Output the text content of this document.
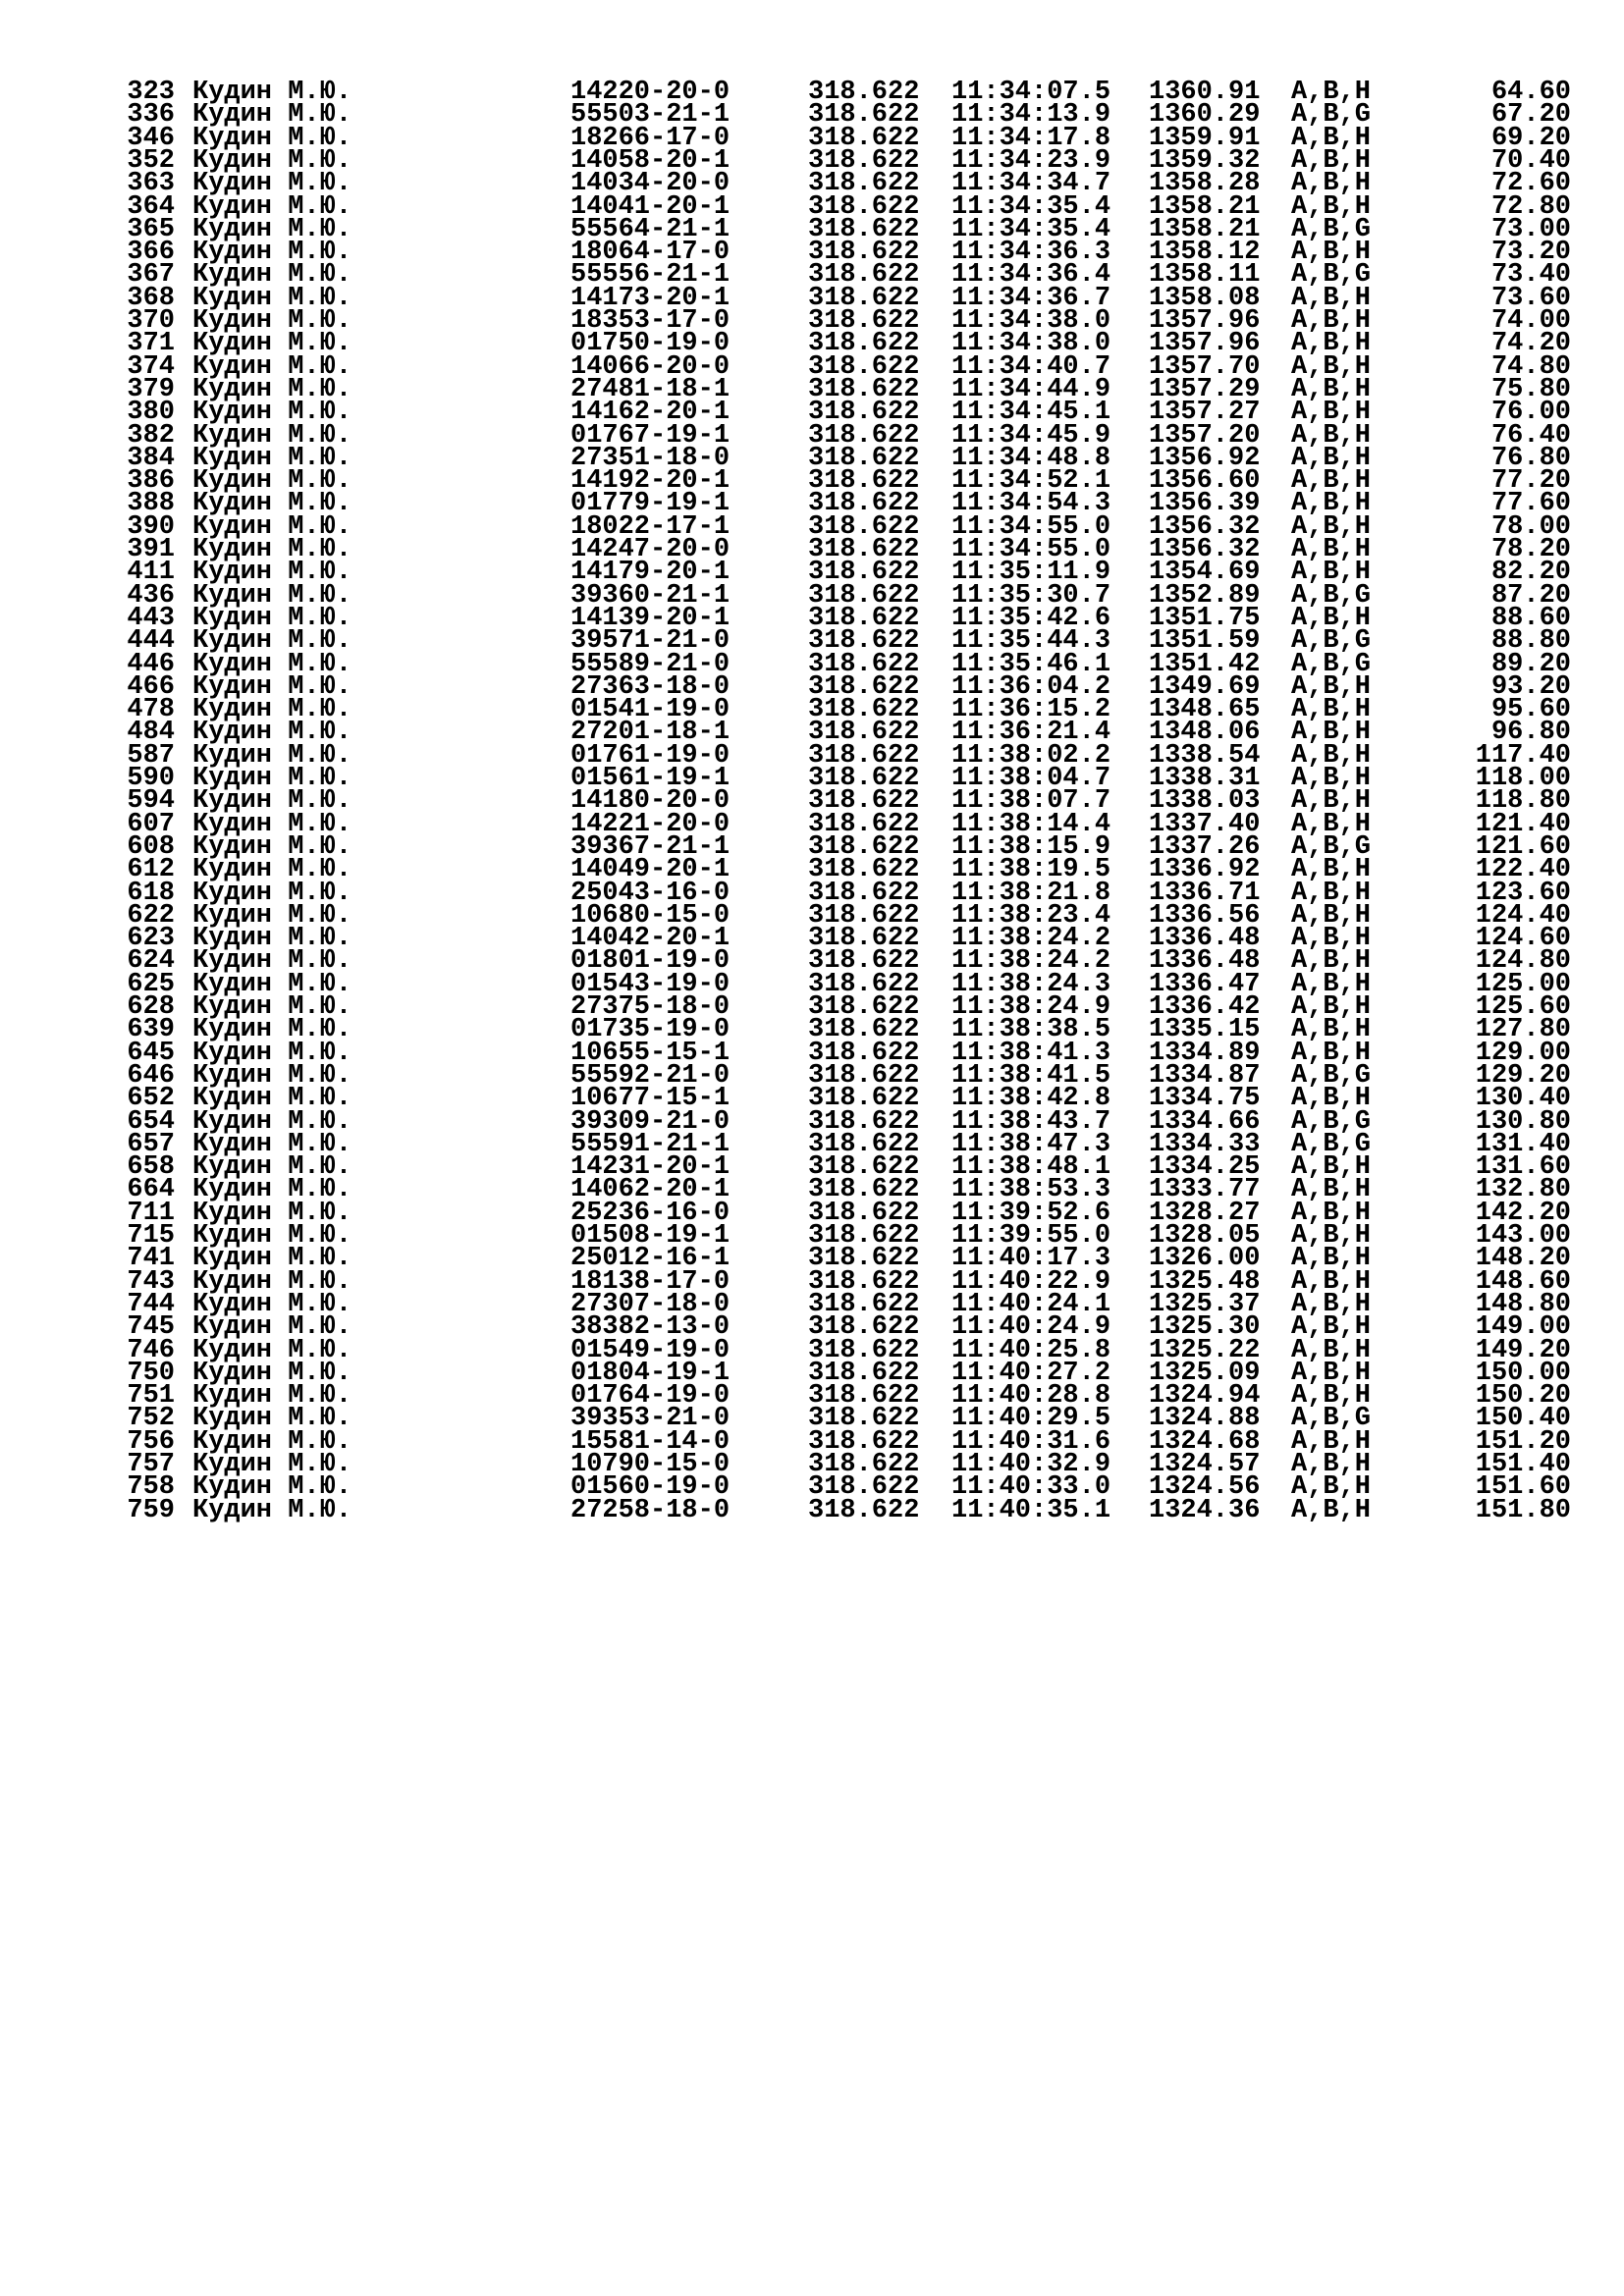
323 Кудин М.Ю.	14220-20-0	318.622 11:34:07.5 1360.91 A,B,H	64.60
336 Кудин М.Ю.	55503-21-1	318.622 11:34:13.9 1360.29 A,B,G	67.20
346 Кудин М.Ю.	18266-17-0	318.622 11:34:17.8 1359.91 A,B,H	69.20
352 Кудин М.Ю.	14058-20-1	318.622 11:34:23.9 1359.32 A,B,H	70.40
363 Кудин М.Ю.	14034-20-0	318.622 11:34:34.7 1358.28 A,B,H	72.60
364 Кудин М.Ю.	14041-20-1	318.622 11:34:35.4 1358.21 A,B,H	72.80
365 Кудин М.Ю.	55564-21-1	318.622 11:34:35.4 1358.21 A,B,G	73.00
366 Кудин М.Ю.	18064-17-0	318.622 11:34:36.3 1358.12 A,B,H	73.20
367 Кудин М.Ю.	55556-21-1	318.622 11:34:36.4 1358.11 A,B,G	73.40
368 Кудин М.Ю.	14173-20-1	318.622 11:34:36.7 1358.08 A,B,H	73.60
370 Кудин М.Ю.	18353-17-0	318.622 11:34:38.0 1357.96 A,B,H	74.00
371 Кудин М.Ю.	01750-19-0	318.622 11:34:38.0 1357.96 A,B,H	74.20
374 Кудин М.Ю.	14066-20-0	318.622 11:34:40.7 1357.70 A,B,H	74.80
379 Кудин М.Ю.	27481-18-1	318.622 11:34:44.9 1357.29 A,B,H	75.80
380 Кудин М.Ю.	14162-20-1	318.622 11:34:45.1 1357.27 A,B,H	76.00
382 Кудин М.Ю.	01767-19-1	318.622 11:34:45.9 1357.20 A,B,H	76.40
384 Кудин М.Ю.	27351-18-0	318.622 11:34:48.8 1356.92 A,B,H	76.80
386 Кудин М.Ю.	14192-20-1	318.622 11:34:52.1 1356.60 A,B,H	77.20
388 Кудин М.Ю.	01779-19-1	318.622 11:34:54.3 1356.39 A,B,H	77.60
390 Кудин М.Ю.	18022-17-1	318.622 11:34:55.0 1356.32 A,B,H	78.00
391 Кудин М.Ю.	14247-20-0	318.622 11:34:55.0 1356.32 A,B,H	78.20
411 Кудин М.Ю.	14179-20-1	318.622 11:35:11.9 1354.69 A,B,H	82.20
436 Кудин М.Ю.	39360-21-1	318.622 11:35:30.7 1352.89 A,B,G	87.20
443 Кудин М.Ю.	14139-20-1	318.622 11:35:42.6 1351.75 A,B,H	88.60
444 Кудин М.Ю.	39571-21-0	318.622 11:35:44.3 1351.59 A,B,G	88.80
446 Кудин М.Ю.	55589-21-0	318.622 11:35:46.1 1351.42 A,B,G	89.20
466 Кудин М.Ю.	27363-18-0	318.622 11:36:04.2 1349.69 A,B,H	93.20
478 Кудин М.Ю.	01541-19-0	318.622 11:36:15.2 1348.65 A,B,H	95.60
484 Кудин М.Ю.	27201-18-1	318.622 11:36:21.4 1348.06 A,B,H	96.80
587 Кудин М.Ю.	01761-19-0	318.622 11:38:02.2 1338.54 A,B,H	117.40
590 Кудин М.Ю.	01561-19-1	318.622 11:38:04.7 1338.31 A,B,H	118.00
594 Кудин М.Ю.	14180-20-0	318.622 11:38:07.7 1338.03 A,B,H	118.80
607 Кудин М.Ю.	14221-20-0	318.622 11:38:14.4 1337.40 A,B,H	121.40
608 Кудин М.Ю.	39367-21-1	318.622 11:38:15.9 1337.26 A,B,G	121.60
612 Кудин М.Ю.	14049-20-1	318.622 11:38:19.5 1336.92 A,B,H	122.40
618 Кудин М.Ю.	25043-16-0	318.622 11:38:21.8 1336.71 A,B,H	123.60
622 Кудин М.Ю.	10680-15-0	318.622 11:38:23.4 1336.56 A,B,H	124.40
623 Кудин М.Ю.	14042-20-1	318.622 11:38:24.2 1336.48 A,B,H	124.60
624 Кудин М.Ю.	01801-19-0	318.622 11:38:24.2 1336.48 A,B,H	124.80
625 Кудин М.Ю.	01543-19-0	318.622 11:38:24.3 1336.47 A,B,H	125.00
628 Кудин М.Ю.	27375-18-0	318.622 11:38:24.9 1336.42 A,B,H	125.60
639 Кудин М.Ю.	01735-19-0	318.622 11:38:38.5 1335.15 A,B,H	127.80
645 Кудин М.Ю.	10655-15-1	318.622 11:38:41.3 1334.89 A,B,H	129.00
646 Кудин М.Ю.	55592-21-0	318.622 11:38:41.5 1334.87 A,B,G	129.20
652 Кудин М.Ю.	10677-15-1	318.622 11:38:42.8 1334.75 A,B,H	130.40
654 Кудин М.Ю.	39309-21-0	318.622 11:38:43.7 1334.66 A,B,G	130.80
657 Кудин М.Ю.	55591-21-1	318.622 11:38:47.3 1334.33 A,B,G	131.40
658 Кудин М.Ю.	14231-20-1	318.622 11:38:48.1 1334.25 A,B,H	131.60
664 Кудин М.Ю.	14062-20-1	318.622 11:38:53.3 1333.77 A,B,H	132.80
711 Кудин М.Ю.	25236-16-0	318.622 11:39:52.6 1328.27 A,B,H	142.20
715 Кудин М.Ю.	01508-19-1	318.622 11:39:55.0 1328.05 A,B,H	143.00
741 Кудин М.Ю.	25012-16-1	318.622 11:40:17.3 1326.00 A,B,H	148.20
743 Кудин М.Ю.	18138-17-0	318.622 11:40:22.9 1325.48 A,B,H	148.60
744 Кудин М.Ю.	27307-18-0	318.622 11:40:24.1 1325.37 A,B,H	148.80
745 Кудин М.Ю.	38382-13-0	318.622 11:40:24.9 1325.30 A,B,H	149.00
746 Кудин М.Ю.	01549-19-0	318.622 11:40:25.8 1325.22 A,B,H	149.20
750 Кудин М.Ю.	01804-19-1	318.622 11:40:27.2 1325.09 A,B,H	150.00
751 Кудин М.Ю.	01764-19-0	318.622 11:40:28.8 1324.94 A,B,H	150.20
752 Кудин М.Ю.	39353-21-0	318.622 11:40:29.5 1324.88 A,B,G	150.40
756 Кудин М.Ю.	15581-14-0	318.622 11:40:31.6 1324.68 A,B,H	151.20
757 Кудин М.Ю.	10790-15-0	318.622 11:40:32.9 1324.57 A,B,H	151.40
758 Кудин М.Ю.	01560-19-0	318.622 11:40:33.0 1324.56 A,B,H	151.60
759 Кудин М.Ю.	27258-18-0	318.622 11:40:35.1 1324.36 A,B,H	151.80
